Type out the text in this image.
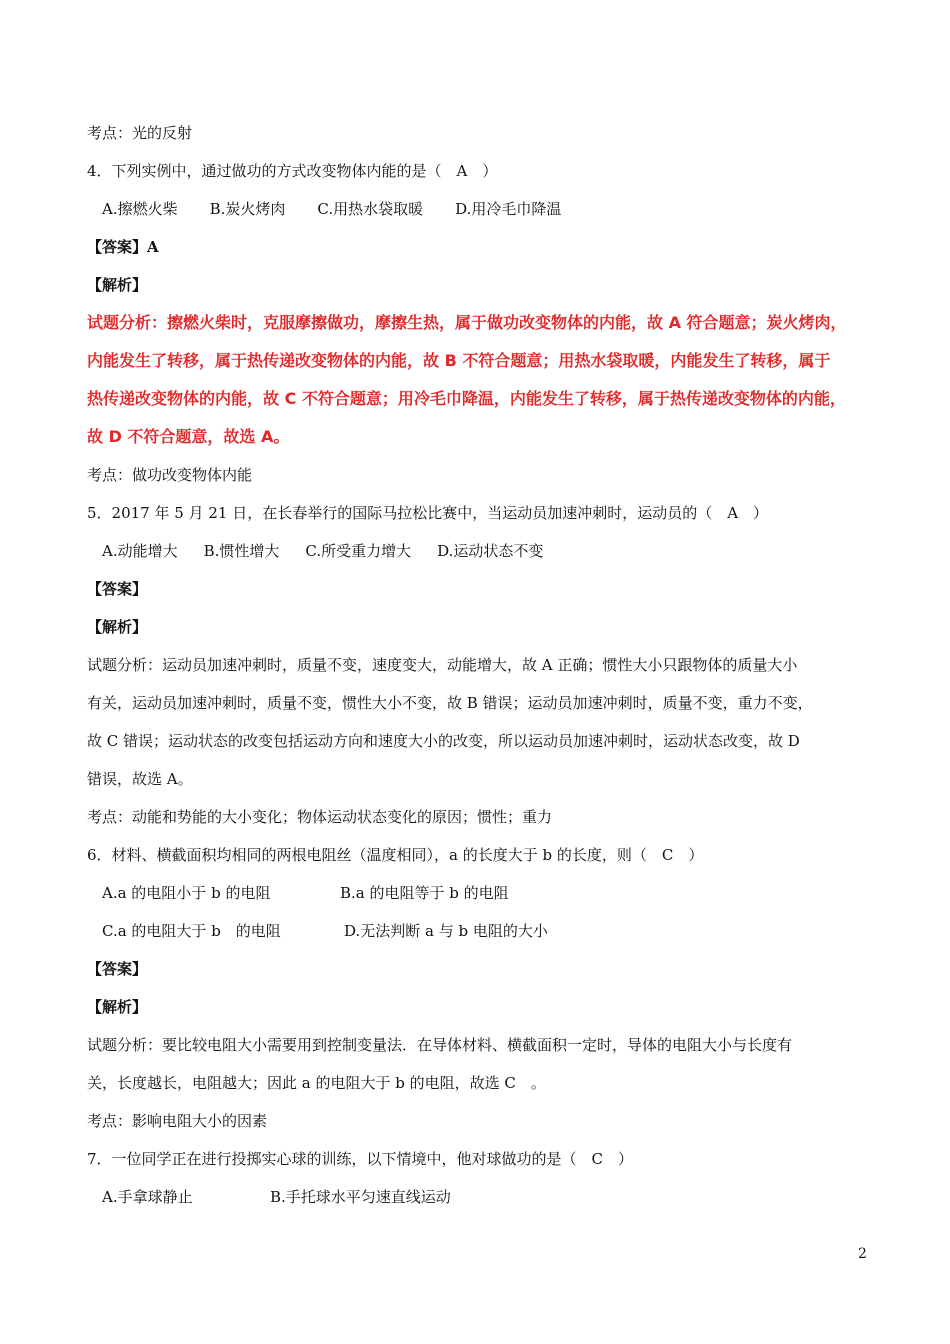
考点：光的反射
4．下列实例中，通过做功的方式改变物体内能的是（　A　）
A.擦燃火柴 B.炭火烤肉 C.用热水袋取暖 D.用冷毛巾降温
【答案】A
【解析】
试题分析：擦燃火柴时，克服摩擦做功，摩擦生热，属于做功改变物体的内能，故 A 符合题意；炭火烤肉，
内能发生了转移，属于热传递改变物体的内能，故 B 不符合题意；用热水袋取暖，内能发生了转移，属于
热传递改变物体的内能，故 C 不符合题意；用冷毛巾降温，内能发生了转移，属于热传递改变物体的内能，
故 D 不符合题意，故选 A。
考点：做功改变物体内能
5．2017 年 5 月 21 日，在长春举行的国际马拉松比赛中，当运动员加速冲刺时，运动员的（　A　）
A.动能增大 B.惯性增大 C.所受重力增大 D.运动状态不变
【答案】
【解析】
试题分析：运动员加速冲刺时，质量不变，速度变大，动能增大，故 A 正确；惯性大小只跟物体的质量大小
有关，运动员加速冲刺时，质量不变，惯性大小不变，故 B 错误；运动员加速冲刺时，质量不变，重力不变，
故 C 错误；运动状态的改变包括运动方向和速度大小的改变，所以运动员加速冲刺时，运动状态改变，故 D
错误，故选 A。
考点：动能和势能的大小变化；物体运动状态变化的原因；惯性；重力
6．材料、横截面积均相同的两根电阻丝（温度相同），a 的长度大于 b 的长度，则（　C　）
A.a 的电阻小于 b 的电阻	B.a 的电阻等于 b 的电阻
C.a 的电阻大于 b　的电阻	D.无法判断 a 与 b 电阻的大小
【答案】
【解析】
试题分析：要比较电阻大小需要用到控制变量法．在导体材料、横截面积一定时，导体的电阻大小与长度有
关，长度越长，电阻越大；因此 a 的电阻大于 b 的电阻，故选 C　。
考点：影响电阻大小的因素
7．一位同学正在进行投掷实心球的训练，以下情境中，他对球做功的是（　C　）
A.手拿球静止	B.手托球水平匀速直线运动
2
